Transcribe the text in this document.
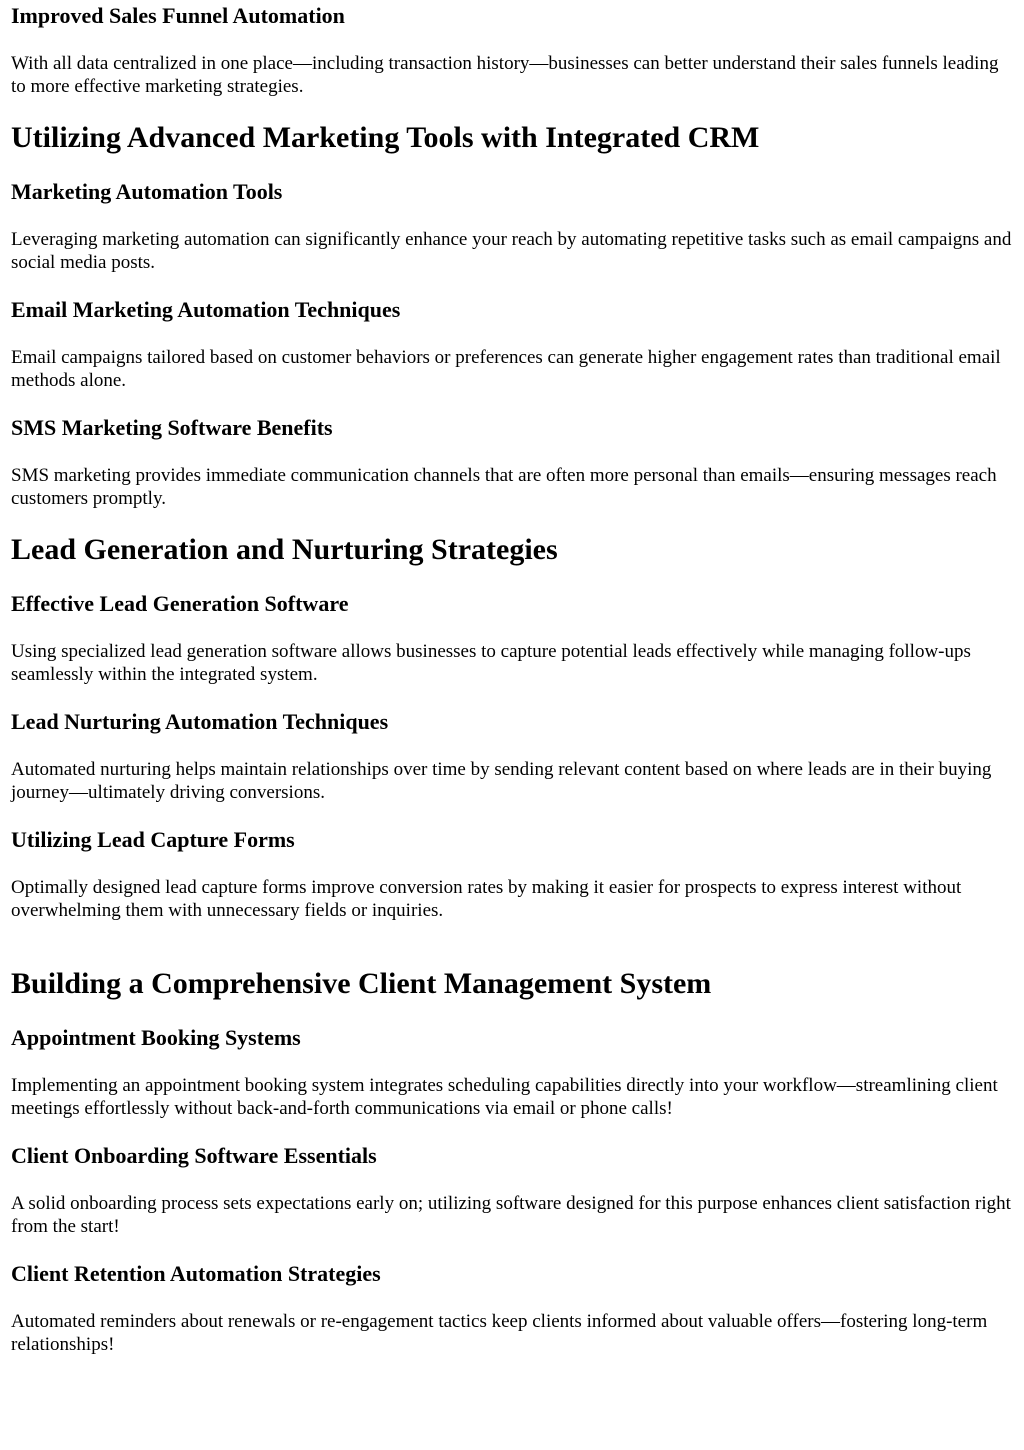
Improved Sales Funnel Automation
With all data centralized in one place—including transaction history—businesses can better understand their sales funnels leading to more effective marketing strategies.
Utilizing Advanced Marketing Tools with Integrated CRM
Marketing Automation Tools
Leveraging marketing automation can significantly enhance your reach by automating repetitive tasks such as email campaigns and social media posts.
Email Marketing Automation Techniques
Email campaigns tailored based on customer behaviors or preferences can generate higher engagement rates than traditional email methods alone.
SMS Marketing Software Benefits
SMS marketing provides immediate communication channels that are often more personal than emails—ensuring messages reach customers promptly.
Lead Generation and Nurturing Strategies
Effective Lead Generation Software
Using specialized lead generation software allows businesses to capture potential leads effectively while managing follow-ups seamlessly within the integrated system.
Lead Nurturing Automation Techniques
Automated nurturing helps maintain relationships over time by sending relevant content based on where leads are in their buying journey—ultimately driving conversions.
Utilizing Lead Capture Forms
Optimally designed lead capture forms improve conversion rates by making it easier for prospects to express interest without overwhelming them with unnecessary fields or inquiries.
Building a Comprehensive Client Management System
Appointment Booking Systems
Implementing an appointment booking system integrates scheduling capabilities directly into your workflow—streamlining client meetings effortlessly without back-and-forth communications via email or phone calls!
Client Onboarding Software Essentials
A solid onboarding process sets expectations early on; utilizing software designed for this purpose enhances client satisfaction right from the start!
Client Retention Automation Strategies
Automated reminders about renewals or re-engagement tactics keep clients informed about valuable offers—fostering long-term relationships!
